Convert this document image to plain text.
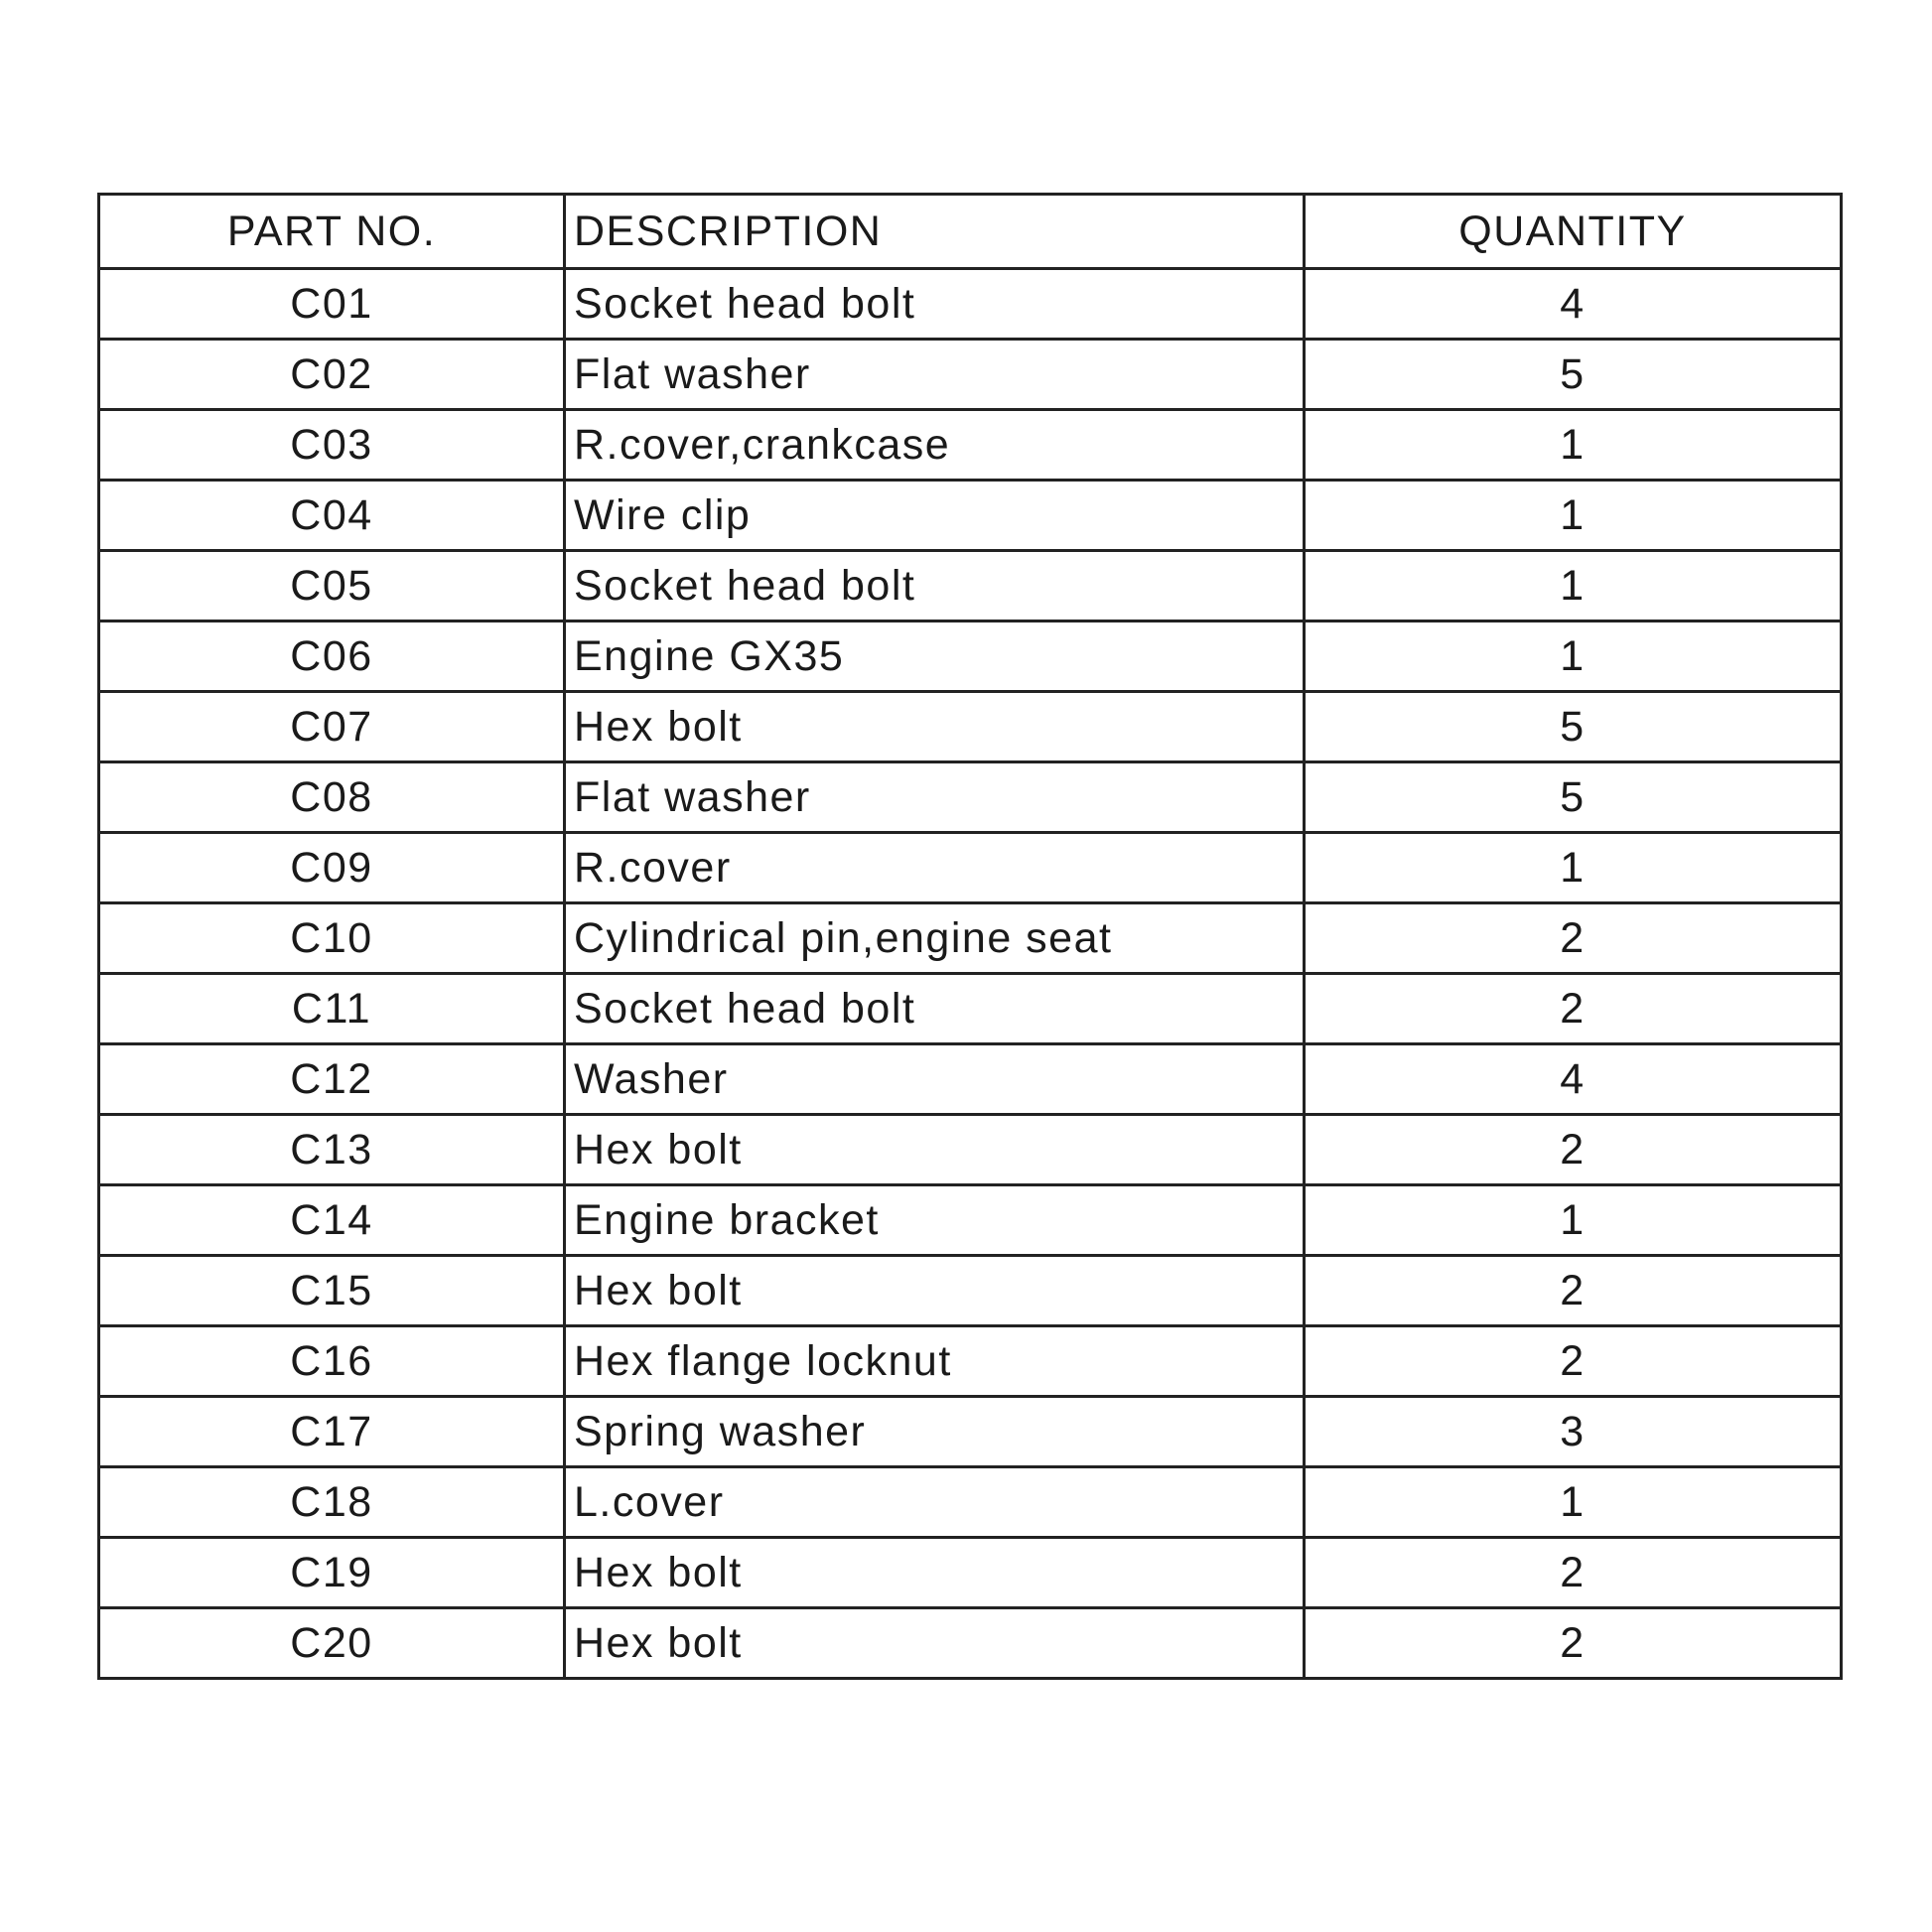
PART NO.	DESCRIPTION	QUANTITY
C01	Socket head bolt	4
C02	Flat washer	5
C03	R.cover,crankcase	1
C04	Wire clip	1
C05	Socket head bolt	1
C06	Engine GX35	1
C07	Hex bolt	5
C08	Flat washer	5
C09	R.cover	1
C10	Cylindrical pin,engine seat	2
C11	Socket head bolt	2
C12	Washer	4
C13	Hex bolt	2
C14	Engine bracket	1
C15	Hex bolt	2
C16	Hex flange locknut	2
C17	Spring washer	3
C18	L.cover	1
C19	Hex bolt	2
C20	Hex bolt	2
